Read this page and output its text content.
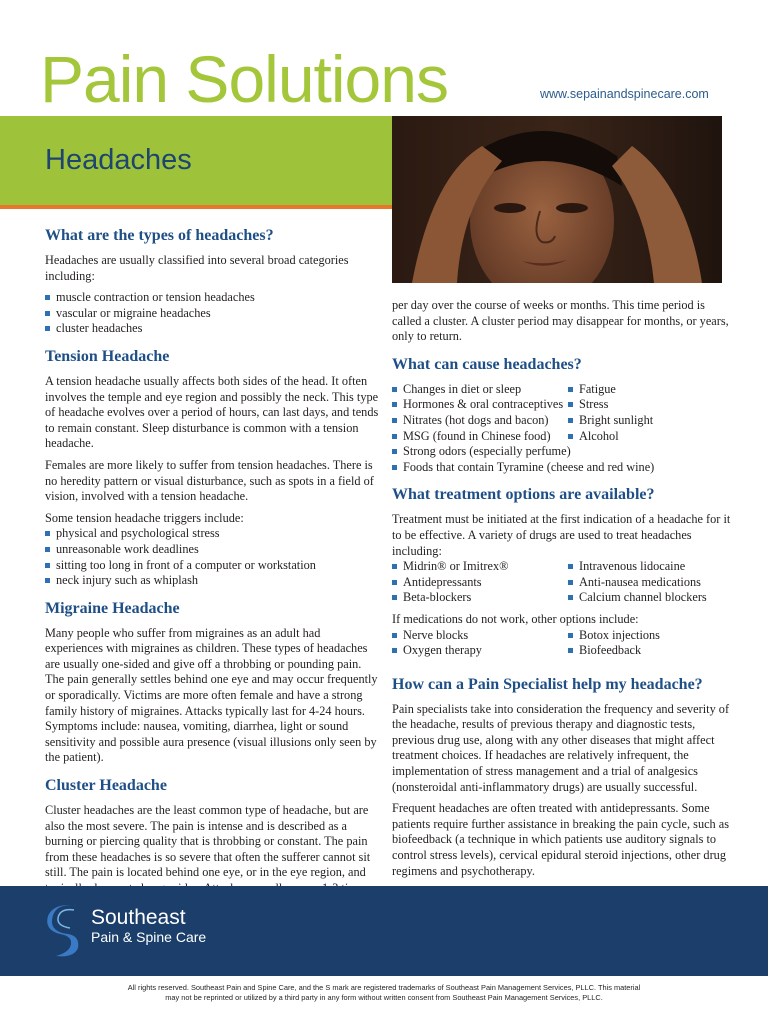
Pain Solutions	www.sepainandspinecare.com
Headaches
What are the types of headaches?

Headaches are usually classified into several broad categories including:

muscle contraction or tension headaches
vascular or migraine headaches
cluster headaches
Tension Headache

A tension headache usually affects both sides of the head. It often involves the temple and eye region and possibly the neck. This type of headache evolves over a period of hours, can last days, and tends to remain constant. Sleep disturbance is common with a tension headache.

Females are more likely to suffer from tension headaches. There is no heredity pattern or visual disturbance, such as spots in a field of vision, involved with a tension headache.

Some tension headache triggers include:

physical and psychological stress
unreasonable work deadlines
sitting too long in front of a computer or workstation
neck injury such as whiplash
Migraine Headache

Many people who suffer from migraines as an adult had experiences with migraines as children. These types of headaches are usually one-sided and give off a throbbing or pounding pain. The pain generally settles behind one eye and may occur frequently or sporadically. Victims are more often female and have a strong family history of migraines. Attacks typically last for 4-24 hours. Symptoms include: nausea, vomiting, diarrhea, light or sound sensitivity and possible aura presence (visual illusions only seen by the patient).

Cluster Headache

Cluster headaches are the least common type of headache, but are also the most severe. The pain is intense and is described as a burning or piercing quality that is throbbing or constant. The pain from these headaches is so severe that often the sufferer cannot sit still. The pain is located behind one eye, or in the eye region, and

per day over the course of weeks or months. This time period is called a cluster. A cluster period may disappear for months, or years, only to return.

What can cause headaches?
Changes in diet or sleep
Hormones & oral contraceptives
Nitrates (hot dogs and bacon)
MSG (found in Chinese food)
Fatigue
Stress
Bright sunlight
Alcohol
Strong odors (especially perfume)
Foods that contain Tyramine (cheese and red wine)
What treatment options are available?

Treatment must be initiated at the first indication of a headache for it to be effective. A variety of drugs are used to treat headaches including:

Midrin® or Imitrex®
Antidepressants
Beta-blockers
Intravenous lidocaine
Anti-nausea medications
Calcium channel blockers

If medications do not work, other options include:

Nerve blocks
Oxygen therapy
Botox injections
Biofeedback
How can a Pain Specialist help my headache?

Pain specialists take into consideration the frequency and severity of the headache, results of previous therapy and diagnostic tests, previous drug use, along with any other diseases that might affect treatment choices. If headaches are relatively infrequent, the implementation of stress management and a trial of analgesics (nonsteroidal anti-inflammatory drugs) are usually successful.

Frequent headaches are often treated with antidepressants. Some patients require further assistance in breaking the pain cycle, such as biofeedback (a technique in which patients use auditory signals to control stress levels), cervical epidural steroid injections, other drug regimens and psychotherapy.

Southeast
Pain & Spine Care
All rights reserved. Southeast Pain and Spine Care, and the S mark are registered trademarks of Southeast Pain Management Services, PLLC. This material
may not be reprinted or utilized by a third party in any form without written consent from Southeast Pain Management Services, PLLC.
